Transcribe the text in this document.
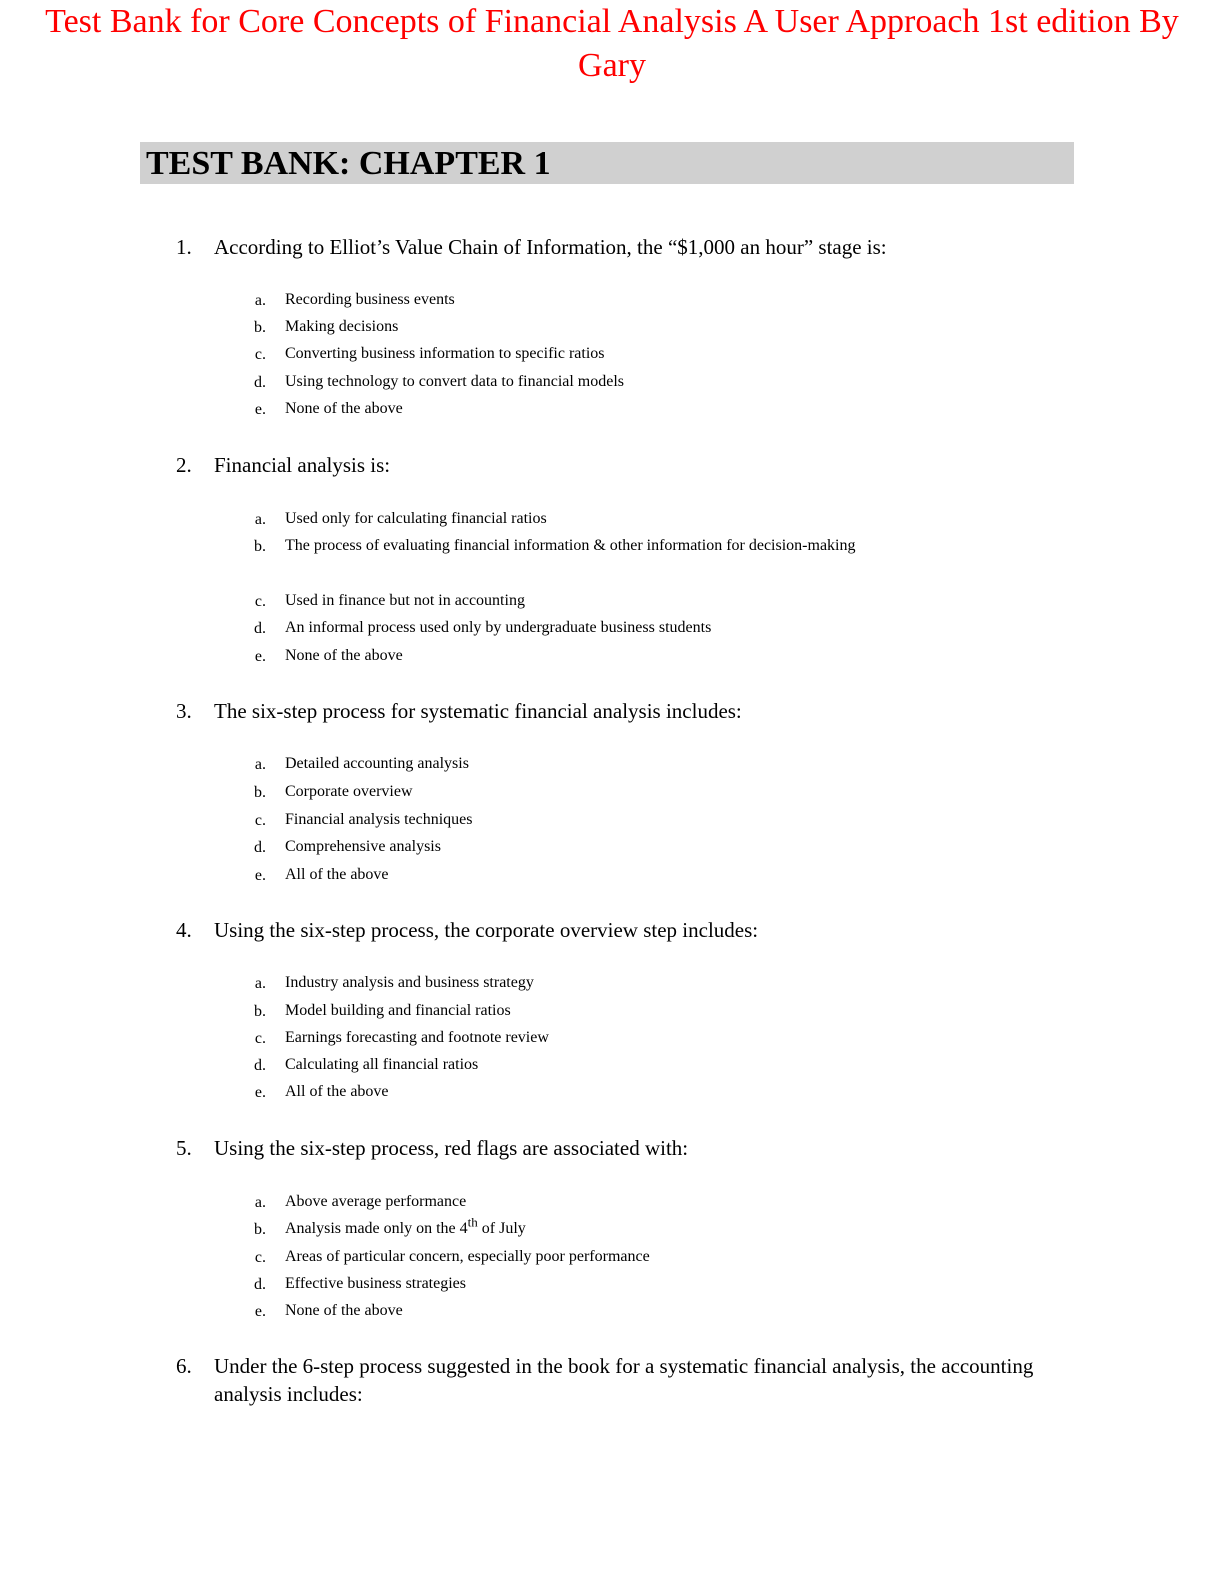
Test Bank for Core Concepts of Financial Analysis A User Approach 1st edition By Gary
TEST BANK: CHAPTER 1
1.	According to Elliot’s Value Chain of Information, the “$1,000 an hour” stage is:
a. Recording business events
b. Making decisions
c. Converting business information to specific ratios
d. Using technology to convert data to financial models
e. None of the above
2.	Financial analysis is:
a. Used only for calculating financial ratios
b. The process of evaluating financial information & other information for decision-making
c. Used in finance but not in accounting
d. An informal process used only by undergraduate business students
e. None of the above
3.	The six-step process for systematic financial analysis includes:
a. Detailed accounting analysis
b. Corporate overview
c. Financial analysis techniques
d. Comprehensive analysis
e. All of the above
4.	Using the six-step process, the corporate overview step includes:
a. Industry analysis and business strategy
b. Model building and financial ratios
c. Earnings forecasting and footnote review
d. Calculating all financial ratios
e. All of the above
5.	Using the six-step process, red flags are associated with:
a. Above average performance
b. Analysis made only on the 4th of July
c. Areas of particular concern, especially poor performance
d. Effective business strategies
e. None of the above
6.	Under the 6-step process suggested in the book for a systematic financial analysis, the accounting analysis includes:
